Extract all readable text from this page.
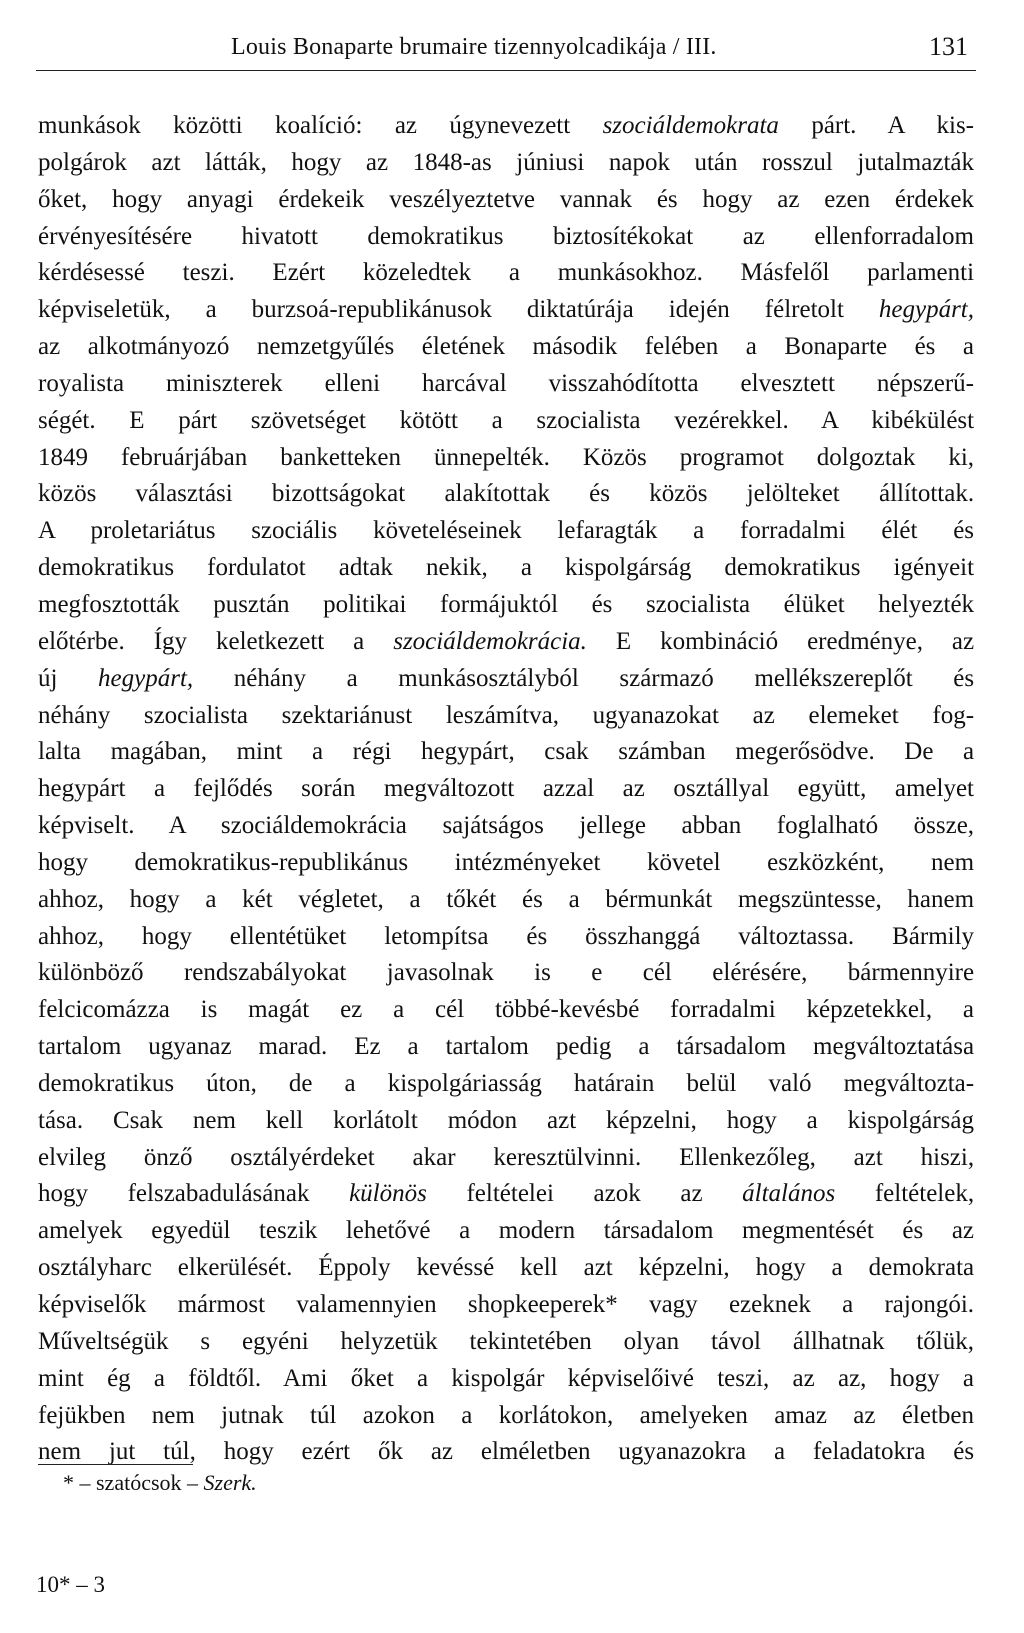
Louis Bonaparte brumaire tizennyolcadikája / III.	131
munkások közötti koalíció: az úgynevezett szociáldemokrata párt. A kis-
polgárok azt látták, hogy az 1848-as júniusi napok után rosszul jutalmazták
őket, hogy anyagi érdekeik veszélyeztetve vannak és hogy az ezen érdekek
érvényesítésére hivatott demokratikus biztosítékokat az ellenforradalom
kérdésessé teszi. Ezért közeledtek a munkásokhoz. Másfelől parlamenti
képviseletük, a burzsoá-republikánusok diktatúrája idején félretolt hegypárt,
az alkotmányozó nemzetgyűlés életének második felében a Bonaparte és a
royalista miniszterek elleni harcával visszahódította elvesztett népszerű-
ségét. E párt szövetséget kötött a szocialista vezérekkel. A kibékülést
1849 februárjában banketteken ünnepelték. Közös programot dolgoztak ki,
közös választási bizottságokat alakítottak és közös jelölteket állítottak.
A proletariátus szociális követeléseinek lefaragták a forradalmi élét és
demokratikus fordulatot adtak nekik, a kispolgárság demokratikus igényeit
megfosztották pusztán politikai formájuktól és szocialista élüket helyezték
előtérbe. Így keletkezett a szociáldemokrácia. E kombináció eredménye, az
új hegypárt, néhány a munkásosztályból származó mellékszereplőt és
néhány szocialista szektariánust leszámítva, ugyanazokat az elemeket fog-
lalta magában, mint a régi hegypárt, csak számban megerősödve. De a
hegypárt a fejlődés során megváltozott azzal az osztállyal együtt, amelyet
képviselt. A szociáldemokrácia sajátságos jellege abban foglalható össze,
hogy demokratikus-republikánus intézményeket követel eszközként, nem
ahhoz, hogy a két végletet, a tőkét és a bérmunkát megszüntesse, hanem
ahhoz, hogy ellentétüket letompítsa és összhanggá változtassa. Bármily
különböző rendszabályokat javasolnak is e cél elérésére, bármennyire
felcicomázza is magát ez a cél többé-kevésbé forradalmi képzetekkel, a
tartalom ugyanaz marad. Ez a tartalom pedig a társadalom megváltoztatása
demokratikus úton, de a kispolgáriasság határain belül való megváltozta-
tása. Csak nem kell korlátolt módon azt képzelni, hogy a kispolgárság
elvileg önző osztályérdeket akar keresztülvinni. Ellenkezőleg, azt hiszi,
hogy felszabadulásának különös feltételei azok az általános feltételek,
amelyek egyedül teszik lehetővé a modern társadalom megmentését és az
osztályharc elkerülését. Éppoly kevéssé kell azt képzelni, hogy a demokrata
képviselők mármost valamennyien shopkeeperek* vagy ezeknek a rajongói.
Műveltségük s egyéni helyzetük tekintetében olyan távol állhatnak tőlük,
mint ég a földtől. Ami őket a kispolgár képviselőivé teszi, az az, hogy a
fejükben nem jutnak túl azokon a korlátokon, amelyeken amaz az életben
nem jut túl, hogy ezért ők az elméletben ugyanazokra a feladatokra és
* – szatócsok – Szerk.
10* – 3
